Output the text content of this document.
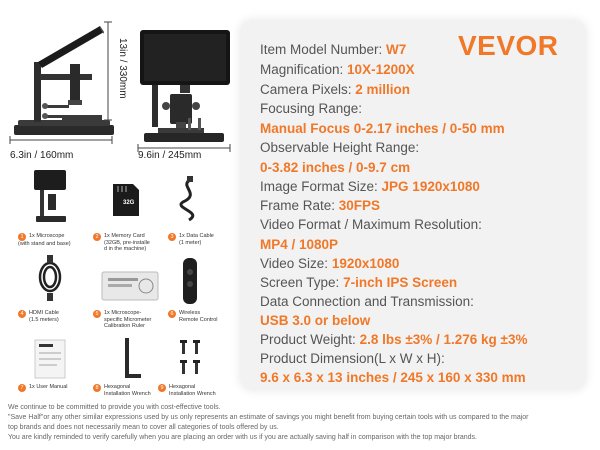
13in / 330mm
6.3in / 160mm	9.6in / 245mm
32G
1 1x Microscope
(with stand and base)
2 1x Memory Card
(32GB, pre-installe
d in the machine)
3 1x Data Cable
(1 meter)
4 HDMI Cable
(1.5 meters)
5 1x Microscope-
specific Micrometer
Calibration Ruler
6 Wireless
Remote Control
7 1x User Manual	8 Hexagonal
Installation Wrench
9 Hexagonal
Installation Wrench
VEVOR
Item Model Number: W7
Magnification: 10X-1200X
Camera Pixels: 2 million
Focusing Range:
Manual Focus 0-2.17 inches / 0-50 mm
Observable Height Range:
0-3.82 inches / 0-9.7 cm
Image Format Size: JPG 1920x1080
Frame Rate: 30FPS
Video Format / Maximum Resolution:
MP4 / 1080P
Video Size: 1920x1080
Screen Type: 7-inch IPS Screen
Data Connection and Transmission:
USB 3.0 or below
Product Weight: 2.8 lbs ±3% / 1.276 kg ±3%
Product Dimension(L x W x H):
9.6 x 6.3 x 13 inches / 245 x 160 x 330 mm
We continue to be committed to provide you with cost-effective tools.
"Save Half"or any other similar expressions used by us only represents an estimate of savings you might benefit from buying certain tools with us compared to the major
top brands and does not necessarily mean to cover all categories of tools offered by us.
You are kindly reminded to verify carefully when you are placing an order with us if you are actually saving half in comparison with the top major brands.
